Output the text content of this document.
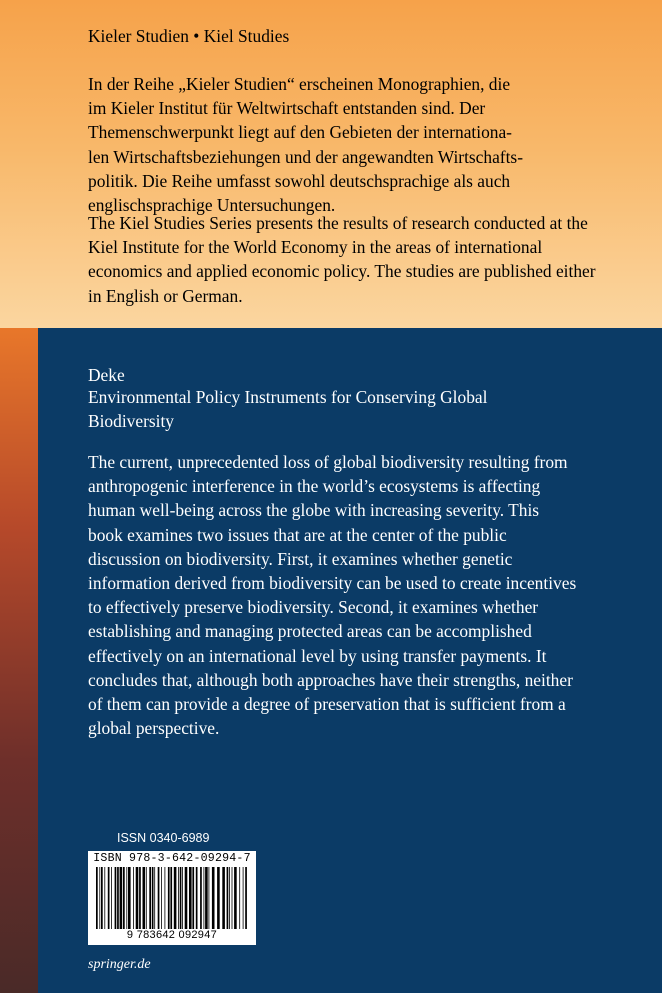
Kieler Studien • Kiel Studies
In der Reihe „Kieler Studien“ erscheinen Monographien, die
im Kieler Institut für Weltwirtschaft entstanden sind. Der
Themenschwerpunkt liegt auf den Gebieten der internationa-
len Wirtschaftsbeziehungen und der angewandten Wirtschafts-
politik. Die Reihe umfasst sowohl deutschsprachige als auch
englischsprachige Untersuchungen.
The Kiel Studies Series presents the results of research conducted at the Kiel Institute for the World Economy in the areas of international economics and applied economic policy. The studies are published either in English or German.
Deke
Environmental Policy Instruments for Conserving Global Biodiversity
The current, unprecedented loss of global biodiversity resulting from anthropogenic interference in the world’s ecosystems is affecting human well-being across the globe with increasing severity. This book examines two issues that are at the center of the public discussion on biodiversity. First, it examines whether genetic information derived from biodiversity can be used to create incentives to effectively preserve biodiversity. Second, it examines whether establishing and managing protected areas can be accomplished effectively on an international level by using transfer payments. It concludes that, although both approaches have their strengths, neither of them can provide a degree of preservation that is sufficient from a global perspective.
ISSN 0340-6989
ISBN 978-3-642-09294-7
9 783642 092947
springer.de
